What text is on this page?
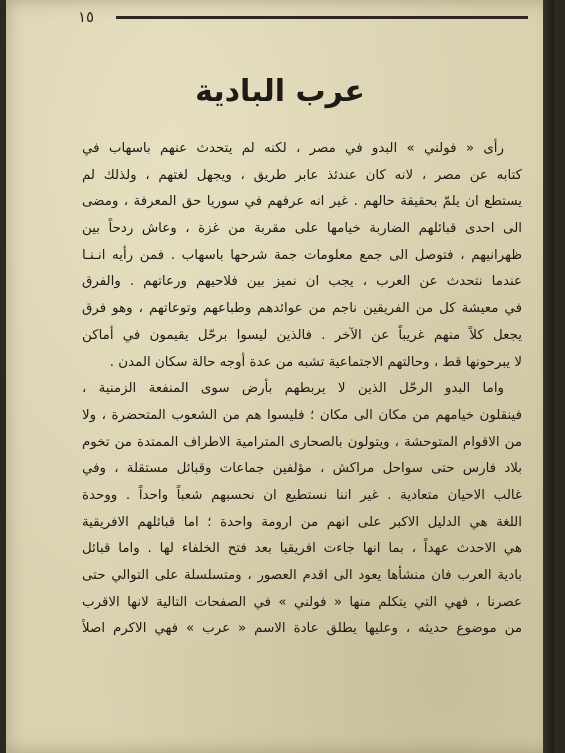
١٥
عرب البادية
رأى « فولني » البدو في مصر ، لكنه لم يتحدث عنهم باسهاب في
كتابه عن مصر ، لانه كان عندئذ عابر طريق ، ويجهل لغتهم ، ولذلك لم
يستطع ان يلمّ بحقيقة حالهم . غير انه عرفهم في سوريا حق المعرفة ، ومضى
الى احدى قبائلهم الضاربة خيامها على مقربة من غزة ، وعاش ردحاً بين
ظهرانيهم ، فتوصل الى جمع معلومات جمة شرحها باسهاب . فمن رأيه انـنـا
عندما نتحدث عن العرب ، يجب ان نميز بين فلاحيهم ورعاتهم . والفرق
في معيشة كل من الفريقين ناجم من عوائدهم وطباعهم وتوعاتهم ، وهو فرق
يجعل كلاً منهم غريباً عن الآخر . فالذين ليسوا برحّل يقيمون في أماكن
لا يبرحونها قط ، وحالتهم الاجتماعية تشبه من عدة أوجه حالة سكان المدن .
واما البدو الرحّل الذين لا يربطهم بأرض سوى المنفعة الزمنية ،
فينقلون خيامهم من مكان الى مكان ؛ فليسوا هم من الشعوب المتحضرة ، ولا
من الاقوام المتوحشة ، ويتولون بالصحارى المترامية الاطراف الممتدة من تخوم
بلاد فارس حتى سواحل مراكش ، مؤلفين جماعات وقبائل مستقلة ، وفي
غالب الاحيان متعادية . غير اننا نستطيع ان نحسبهم شعباً واحداً . ووحدة
اللغة هي الدليل الاكبر على انهم من ارومة واحدة ؛ اما قبائلهم الافريقية
هي الاحدث عهداً ، بما انها جاءت افريقيا بعد فتح الخلفاء لها . واما قبائل
بادية العرب فان منشأها يعود الى اقدم العصور ، ومتسلسلة على التوالي حتى
عصرنا ، فهي التي يتكلم منها « فولني » في الصفحات التالية لانها الاقرب
من موضوع حديثه ، وعليها يطلق عادة الاسم « عرب » فهي الاكرم اصلاً
